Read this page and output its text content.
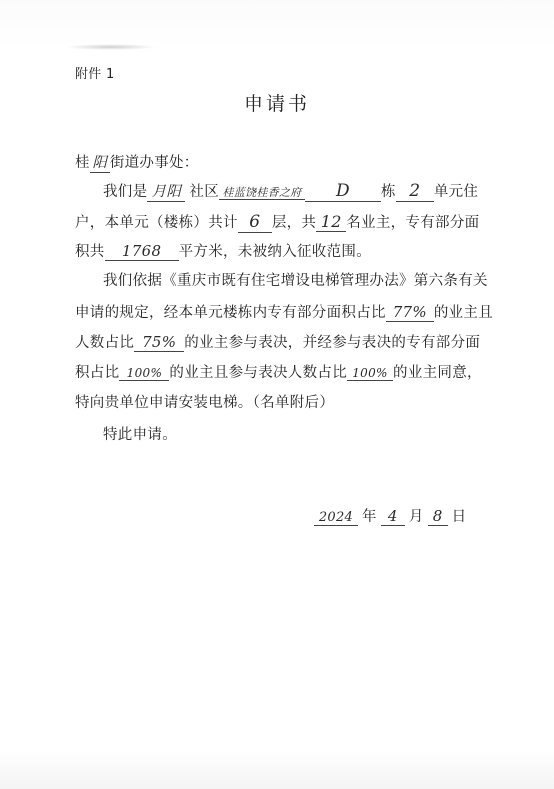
附件 1
申请书
桂 阳 街道办事处：
我们是 月阳 社区 桂蓝饶桂香之府 D 栋 2 单元住
户，本单元（楼栋）共计 6 层，共 12 名业主，专有部分面
积共 1768 平方米，未被纳入征收范围。
我们依据《重庆市既有住宅增设电梯管理办法》第六条有关
申请的规定，经本单元楼栋内专有部分面积占比 77% 的业主且
人数占比 75% 的业主参与表决，并经参与表决的专有部分面
积占比 100% 的业主且参与表决人数占比 100% 的业主同意，
特向贵单位申请安装电梯。（名单附后）
特此申请。
2024 年 4 月 8 日
